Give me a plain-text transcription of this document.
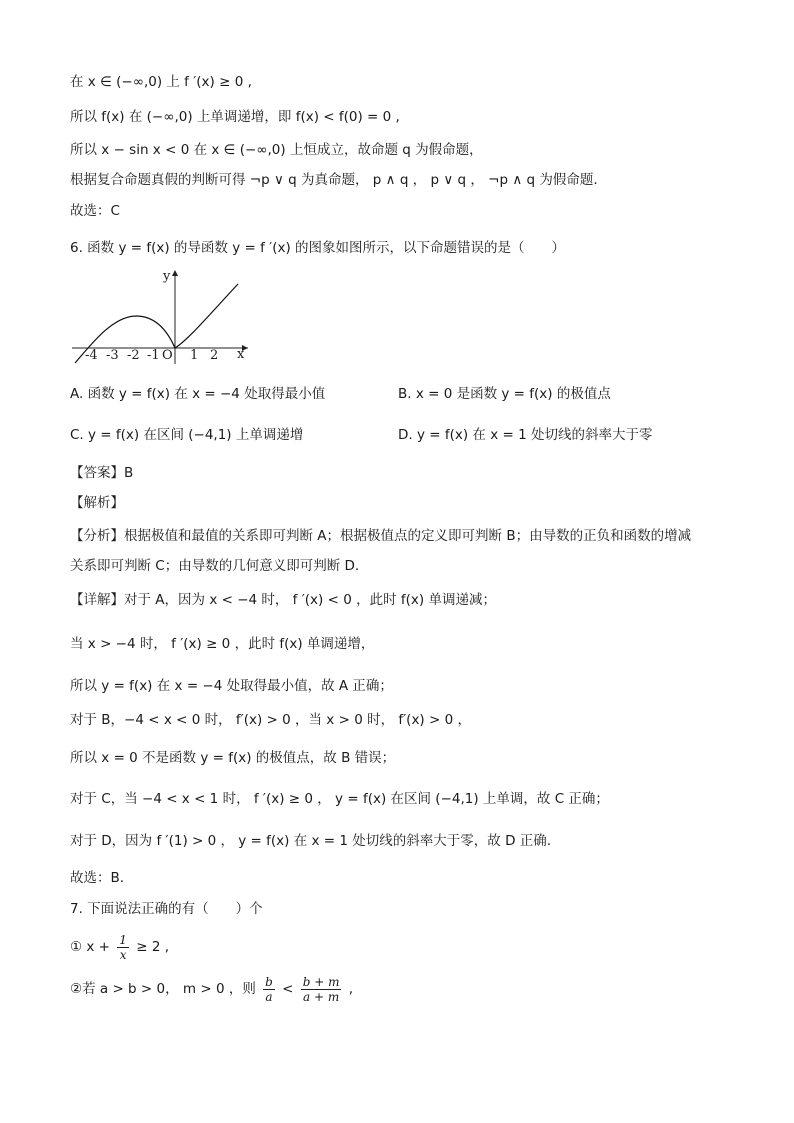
在 x ∈ (−∞,0) 上 f ′(x) ≥ 0 ,
所以 f(x) 在 (−∞,0) 上单调递增，即 f(x) < f(0) = 0 ,
所以 x − sin x < 0 在 x ∈ (−∞,0) 上恒成立，故命题 q 为假命题，
根据复合命题真假的判断可得 ¬p ∨ q 为真命题， p ∧ q ， p ∨ q ， ¬p ∧ q 为假命题.
故选：C
6. 函数 y = f(x) 的导函数 y = f ′(x) 的图象如图所示，以下命题错误的是（　　）
y
x
O
-4 -3 -2 -1 1 2
A. 函数 y = f(x) 在 x = −4 处取得最小值	B. x = 0 是函数 y = f(x) 的极值点
C. y = f(x) 在区间 (−4,1) 上单调递增	D. y = f(x) 在 x = 1 处切线的斜率大于零
【答案】B
【解析】
【分析】根据极值和最值的关系即可判断 A；根据极值点的定义即可判断 B；由导数的正负和函数的增减
关系即可判断 C；由导数的几何意义即可判断 D.
【详解】对于 A，因为 x < −4 时， f ′(x) < 0 ，此时 f(x) 单调递减；
当 x > −4 时， f ′(x) ≥ 0 ，此时 f(x) 单调递增，
所以 y = f(x) 在 x = −4 处取得最小值，故 A 正确；
对于 B，−4 < x < 0 时， f′(x) > 0 ，当 x > 0 时， f′(x) > 0 ，
所以 x = 0 不是函数 y = f(x) 的极值点，故 B 错误；
对于 C，当 −4 < x < 1 时， f ′(x) ≥ 0 ， y = f(x) 在区间 (−4,1) 上单调，故 C 正确；
对于 D，因为 f ′(1) > 0 ， y = f(x) 在 x = 1 处切线的斜率大于零，故 D 正确.
故选：B.
7. 下面说法正确的有（　　）个
① $x + \frac{1}{x} \ge 2$ ,
②若 a > b > 0， m > 0 ，则 $\frac{b}{a} < \frac{b + m}{a + m}$ ,
